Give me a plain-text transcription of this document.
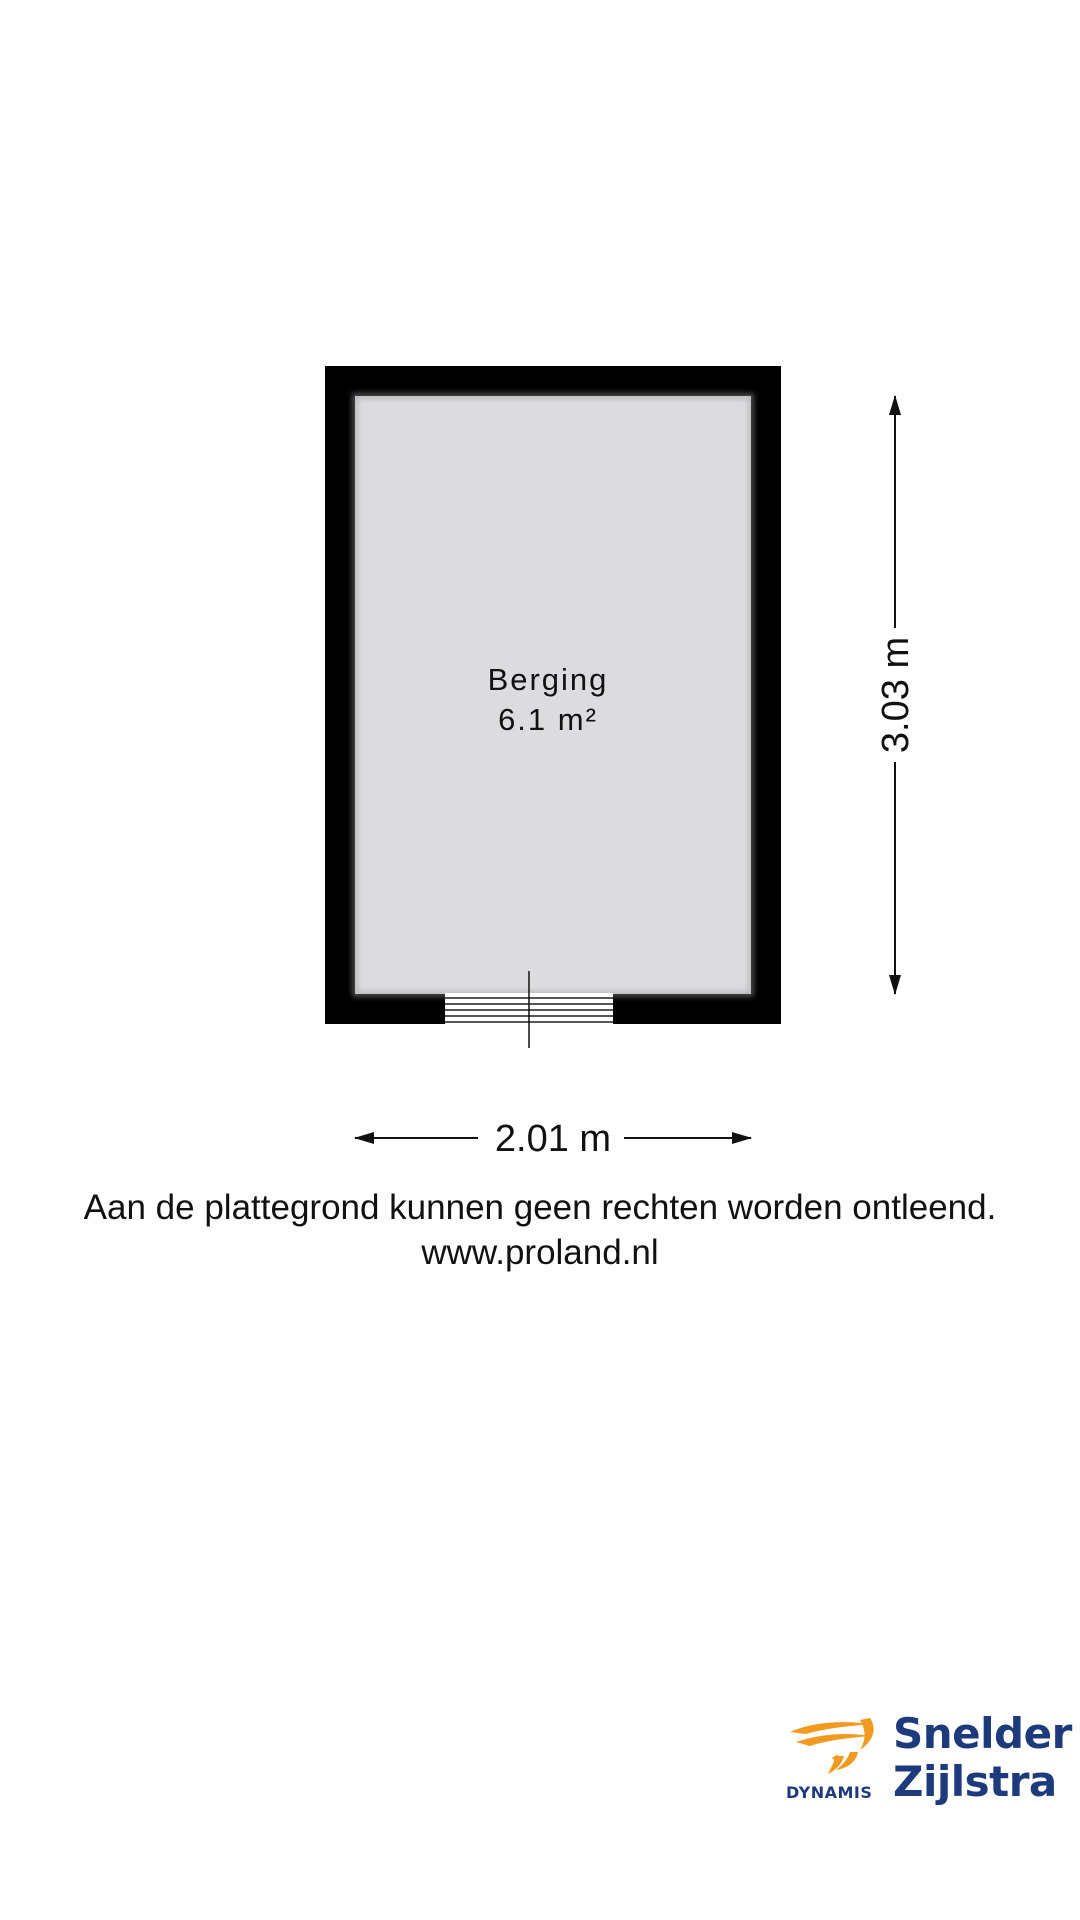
Berging
6.1 m²	3.03 m
2.01 m
Aan de plattegrond kunnen geen rechten worden ontleend.
www.proland.nl
DYNAMIS
Snelder
Zijlstra
